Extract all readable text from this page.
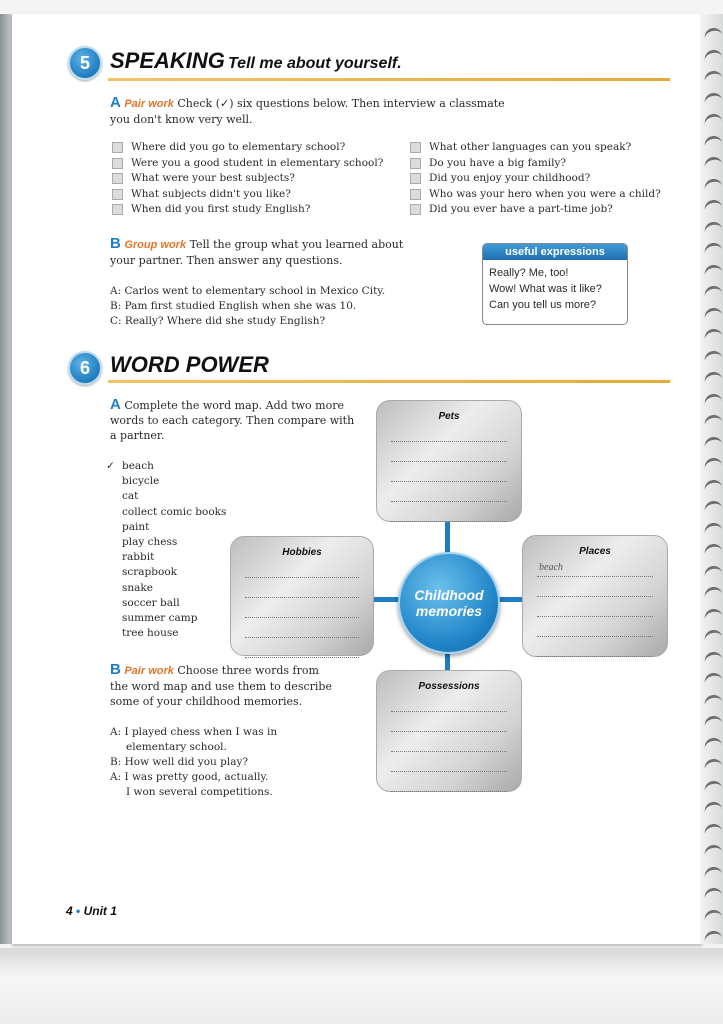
5 SPEAKING Tell me about yourself.
A Pair work Check (✓) six questions below. Then interview a classmate
you don't know very well.
Where did you go to elementary school?
Were you a good student in elementary school?
What were your best subjects?
What subjects didn't you like?
When did you first study English?
What other languages can you speak?
Do you have a big family?
Did you enjoy your childhood?
Who was your hero when you were a child?
Did you ever have a part-time job?
B Group work Tell the group what you learned about
your partner. Then answer any questions.
A: Carlos went to elementary school in Mexico City.
B: Pam first studied English when she was 10.
C: Really? Where did she study English?
useful expressions
Really? Me, too!
Wow! What was it like?
Can you tell us more?
6 WORD POWER
A Complete the word map. Add two more
words to each category. Then compare with
a partner.
✓ beach
bicycle
cat
collect comic books
paint
play chess
rabbit
scrapbook
snake
soccer ball
summer camp
tree house
Pets
Hobbies
Childhood
memories
Places
beach
Possessions
B Pair work Choose three words from
the word map and use them to describe
some of your childhood memories.
A: I played chess when I was in
elementary school.
B: How well did you play?
A: I was pretty good, actually.
I won several competitions.
4 • Unit 1
